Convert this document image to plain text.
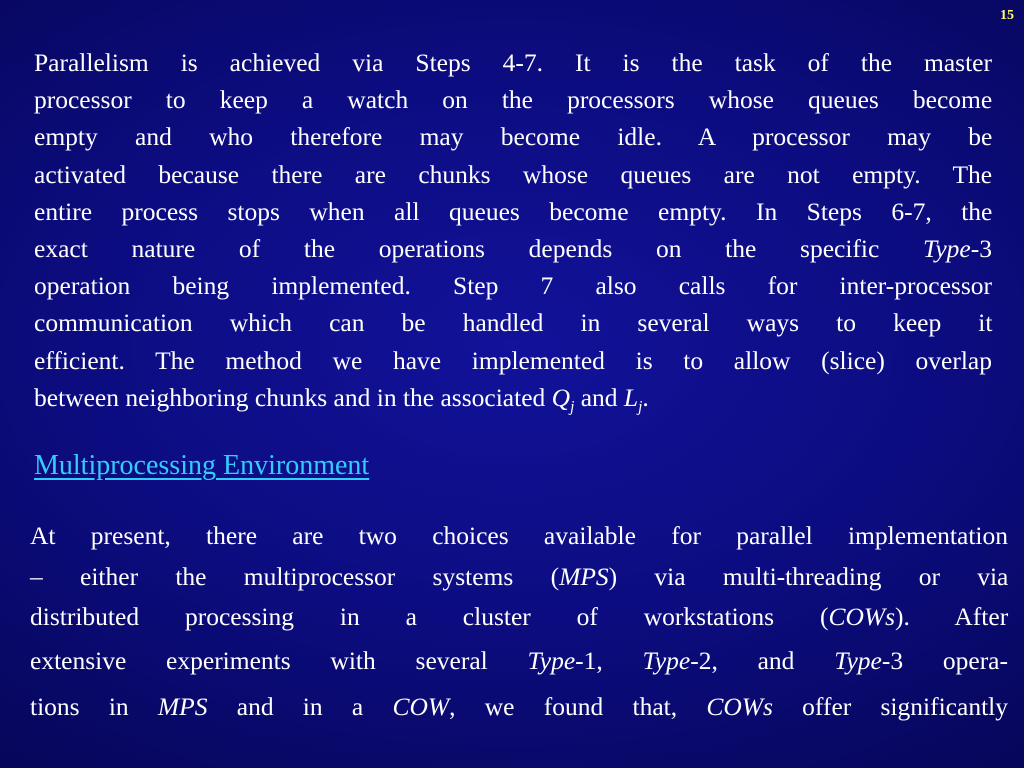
15
Parallelism is achieved via Steps 4-7. It is the task of the master
processor to keep a watch on the processors whose queues become
empty and who therefore may become idle. A processor may be
activated because there are chunks whose queues are not empty. The
entire process stops when all queues become empty. In Steps 6-7, the
exact nature of the operations depends on the specific Type-3
operation being implemented. Step 7 also calls for inter-processor
communication which can be handled in several ways to keep it
efficient. The method we have implemented is to allow (slice) overlap
between neighboring chunks and in the associated $Q_j$ and $L_j$.
Multiprocessing Environment
At present, there are two choices available for parallel implementation
– either the multiprocessor systems (MPS) via multi-threading or via
distributed processing in a cluster of workstations (COWs). After
extensive experiments with several Type-1, Type-2, and Type-3 opera-
tions in MPS and in a COW, we found that, COWs offer significantly
